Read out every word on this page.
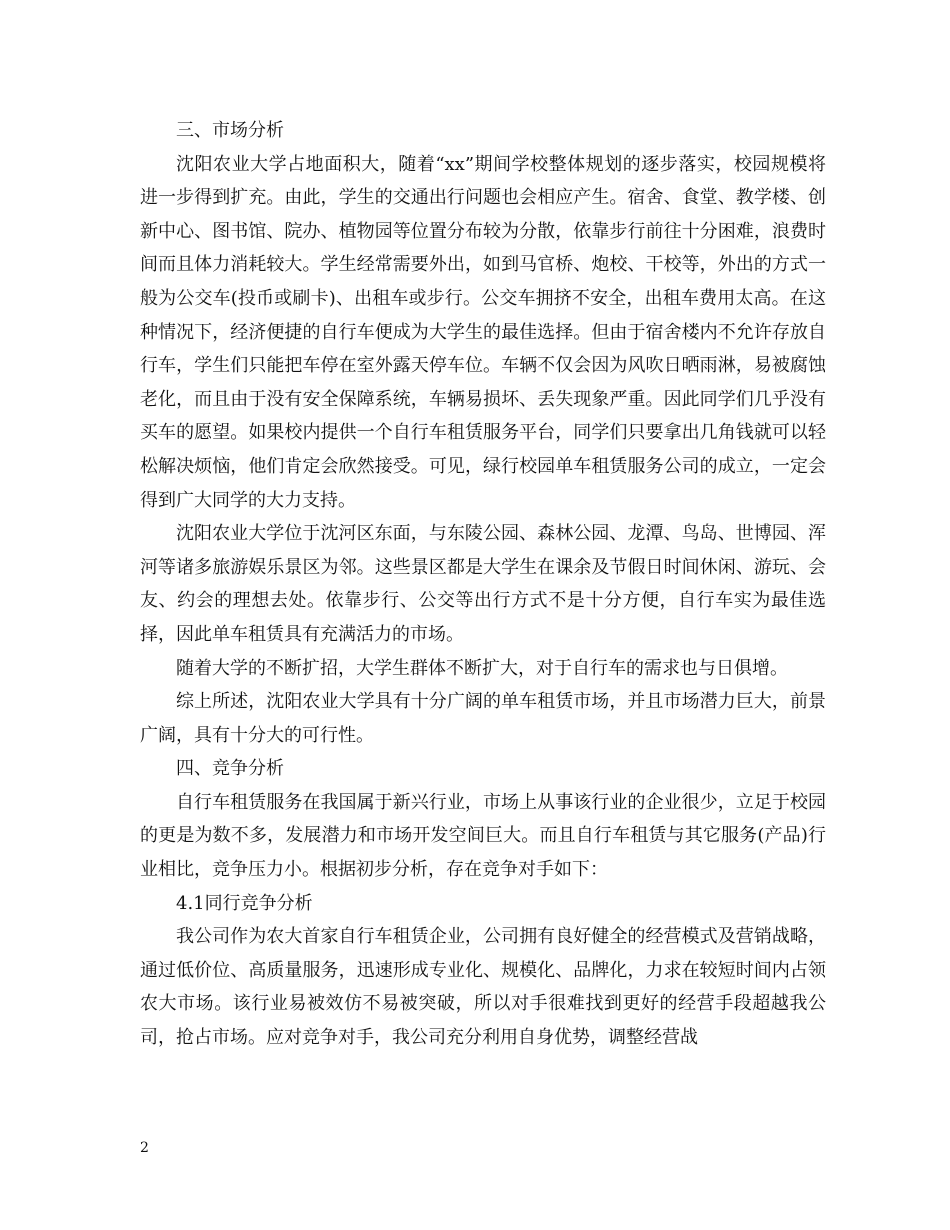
三、市场分析

沈阳农业大学占地面积大，随着“xx”期间学校整体规划的逐步落实，校园规模将进一步得到扩充。由此，学生的交通出行问题也会相应产生。宿舍、食堂、教学楼、创新中心、图书馆、院办、植物园等位置分布较为分散，依靠步行前往十分困难，浪费时间而且体力消耗较大。学生经常需要外出，如到马官桥、炮校、干校等，外出的方式一般为公交车(投币或刷卡)、出租车或步行。公交车拥挤不安全，出租车费用太高。在这种情况下，经济便捷的自行车便成为大学生的最佳选择。但由于宿舍楼内不允许存放自行车，学生们只能把车停在室外露天停车位。车辆不仅会因为风吹日晒雨淋，易被腐蚀老化，而且由于没有安全保障系统，车辆易损坏、丢失现象严重。因此同学们几乎没有买车的愿望。如果校内提供一个自行车租赁服务平台，同学们只要拿出几角钱就可以轻松解决烦恼，他们肯定会欣然接受。可见，绿行校园单车租赁服务公司的成立，一定会得到广大同学的大力支持。

沈阳农业大学位于沈河区东面，与东陵公园、森林公园、龙潭、鸟岛、世博园、浑河等诸多旅游娱乐景区为邻。这些景区都是大学生在课余及节假日时间休闲、游玩、会友、约会的理想去处。依靠步行、公交等出行方式不是十分方便，自行车实为最佳选择，因此单车租赁具有充满活力的市场。

随着大学的不断扩招，大学生群体不断扩大，对于自行车的需求也与日俱增。

综上所述，沈阳农业大学具有十分广阔的单车租赁市场，并且市场潜力巨大，前景广阔，具有十分大的可行性。

四、竞争分析

自行车租赁服务在我国属于新兴行业，市场上从事该行业的企业很少，立足于校园的更是为数不多，发展潜力和市场开发空间巨大。而且自行车租赁与其它服务(产品)行业相比，竞争压力小。根据初步分析，存在竞争对手如下：

4.1同行竞争分析

我公司作为农大首家自行车租赁企业，公司拥有良好健全的经营模式及营销战略，通过低价位、高质量服务，迅速形成专业化、规模化、品牌化，力求在较短时间内占领农大市场。该行业易被效仿不易被突破，所以对手很难找到更好的经营手段超越我公司，抢占市场。应对竞争对手，我公司充分利用自身优势，调整经营战

2
